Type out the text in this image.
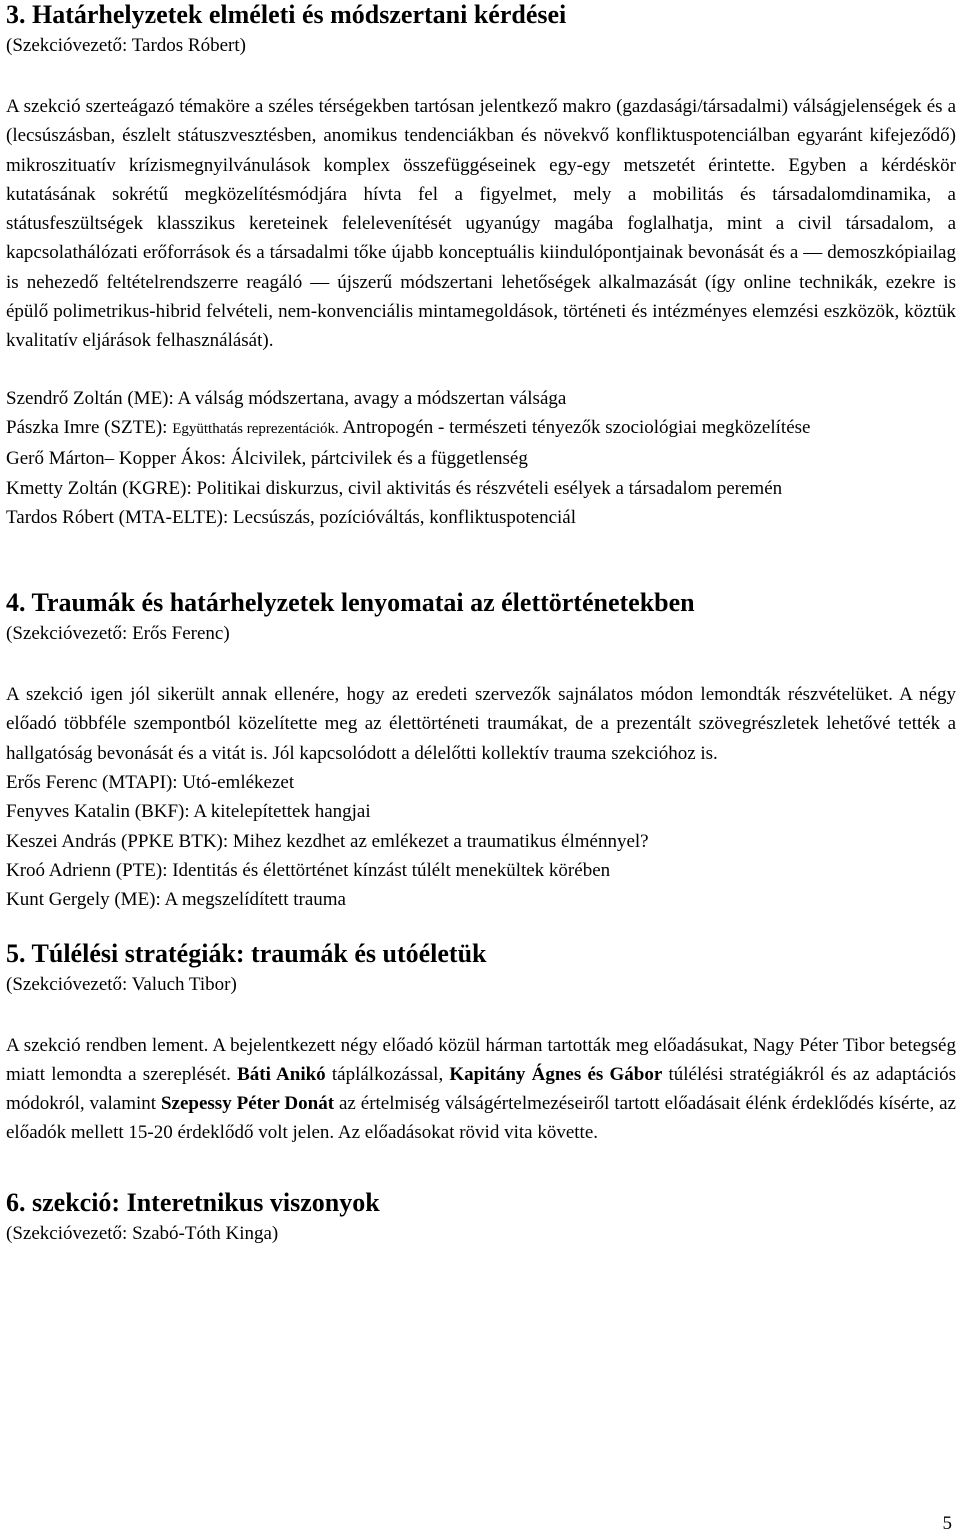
3. Határhelyzetek elméleti és módszertani kérdései

(Szekcióvezető: Tardos Róbert)

A szekció szerteágazó témaköre a széles térségekben tartósan jelentkező makro (gazdasági/társadalmi) válságjelenségek és a (lecsúszásban, észlelt státuszvesztésben, anomikus tendenciákban és növekvő konfliktuspotenciálban egyaránt kifejeződő) mikroszituatív krízismegnyilvánulások komplex összefüggéseinek egy-egy metszetét érintette. Egyben a kérdéskör kutatásának sokrétű megközelítésmódjára hívta fel a figyelmet, mely a mobilitás és társadalomdinamika, a státusfeszültségek klasszikus kereteinek felelevenítését ugyanúgy magába foglalhatja, mint a civil társadalom, a kapcsolathálózati erőforrások és a társadalmi tőke újabb konceptuális kiindulópontjainak bevonását és a — demoszkópiailag is nehezedő feltételrendszerre reagáló — újszerű módszertani lehetőségek alkalmazását (így online technikák, ezekre is épülő polimetrikus-hibrid felvételi, nem-konvenciális mintamegoldások, történeti és intézményes elemzési eszközök, köztük kvalitatív eljárások felhasználását).

Szendrő Zoltán (ME): A válság módszertana, avagy a módszertan válsága

Pászka Imre (SZTE): Együtthatás reprezentációk. Antropogén - természeti tényezők szociológiai megközelítése

Gerő Márton– Kopper Ákos: Álcivilek, pártcivilek és a függetlenség

Kmetty Zoltán (KGRE): Politikai diskurzus, civil aktivitás és részvételi esélyek a társadalom peremén

Tardos Róbert (MTA-ELTE): Lecsúszás, pozícióváltás, konfliktuspotenciál

4. Traumák és határhelyzetek lenyomatai az élettörténetekben

(Szekcióvezető: Erős Ferenc)

A szekció igen jól sikerült annak ellenére, hogy az eredeti szervezők sajnálatos módon lemondták részvételüket. A négy előadó többféle szempontból közelítette meg az élettörténeti traumákat, de a prezentált szövegrészletek lehetővé tették a hallgatóság bevonását és a vitát is. Jól kapcsolódott a délelőtti kollektív trauma szekcióhoz is.

Erős Ferenc (MTAPI): Utó-emlékezet

Fenyves Katalin (BKF): A kitelepítettek hangjai

Keszei András (PPKE BTK): Mihez kezdhet az emlékezet a traumatikus élménnyel?

Kroó Adrienn (PTE): Identitás és élettörténet kínzást túlélt menekültek körében

Kunt Gergely (ME): A megszelídített trauma

5. Túlélési stratégiák: traumák és utóéletük

(Szekcióvezető: Valuch Tibor)

A szekció rendben lement. A bejelentkezett négy előadó közül hárman tartották meg előadásukat, Nagy Péter Tibor betegség miatt lemondta a szereplését. Báti Anikó táplálkozással, Kapitány Ágnes és Gábor túlélési stratégiákról és az adaptációs módokról, valamint Szepessy Péter Donát az értelmiség válságértelmezéseiről tartott előadásait élénk érdeklődés kísérte, az előadók mellett 15-20 érdeklődő volt jelen. Az előadásokat rövid vita követte.

6. szekció: Interetnikus viszonyok

(Szekcióvezető: Szabó-Tóth Kinga)

5
